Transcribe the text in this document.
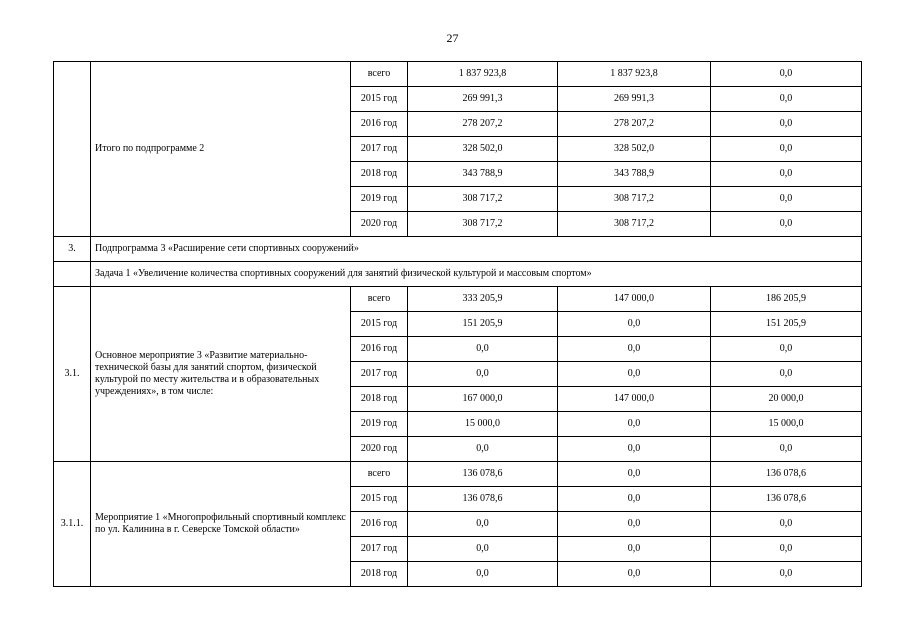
27
	Итого по подпрограмме 2	всего	1 837 923,8	1 837 923,8	0,0
		2015 год	269 991,3	269 991,3	0,0
		2016 год	278 207,2	278 207,2	0,0
		2017 год	328 502,0	328 502,0	0,0
		2018 год	343 788,9	343 788,9	0,0
		2019 год	308 717,2	308 717,2	0,0
		2020 год	308 717,2	308 717,2	0,0
3.	Подпрограмма 3 «Расширение сети спортивных сооружений»				
	Задача 1 «Увеличение количества спортивных сооружений для занятий физической культурой и массовым спортом»				
3.1.	Основное мероприятие 3 «Развитие материально-технической базы для занятий спортом, физической культурой по месту жительства и в образовательных учреждениях», в том числе:	всего	333 205,9	147 000,0	186 205,9
		2015 год	151 205,9	0,0	151 205,9
		2016 год	0,0	0,0	0,0
		2017 год	0,0	0,0	0,0
		2018 год	167 000,0	147 000,0	20 000,0
		2019 год	15 000,0	0,0	15 000,0
		2020 год	0,0	0,0	0,0
3.1.1.	Мероприятие 1 «Многопрофильный спортивный комплекс по ул. Калинина в г. Северске Томской области»	всего	136 078,6	0,0	136 078,6
		2015 год	136 078,6	0,0	136 078,6
		2016 год	0,0	0,0	0,0
		2017 год	0,0	0,0	0,0
		2018 год	0,0	0,0	0,0
